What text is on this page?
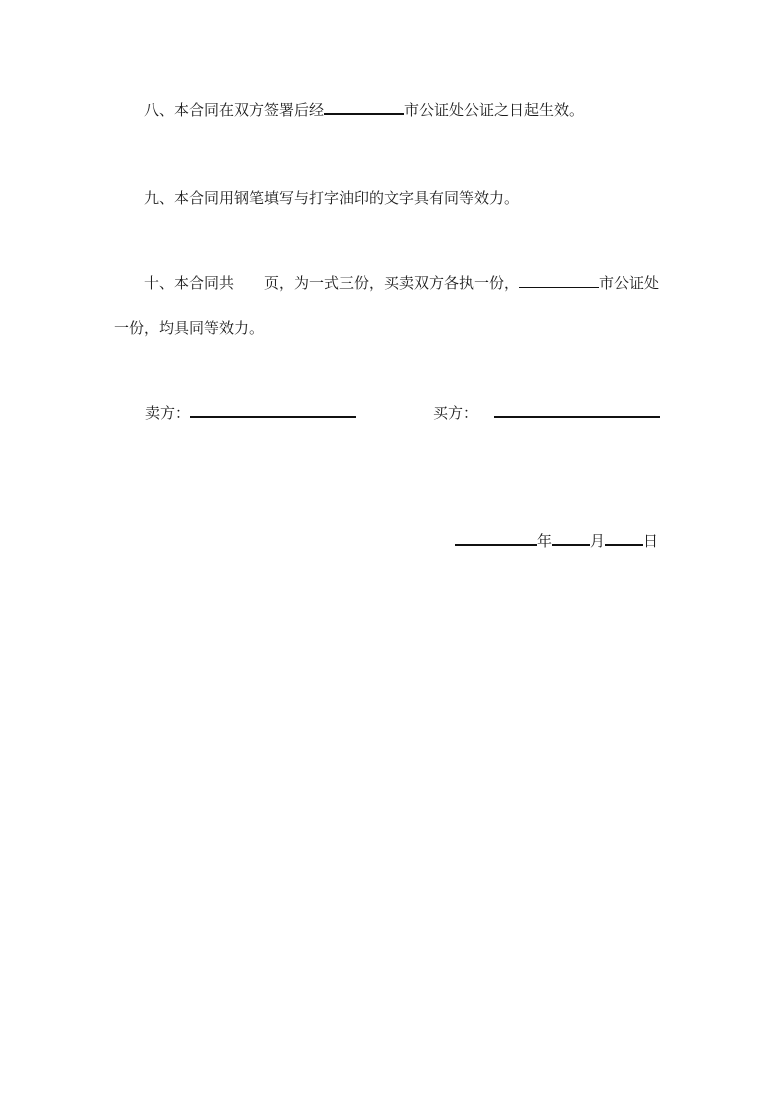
八、本合同在双方签署后经	市公证处公证之日起生效。
九、本合同用钢笔填写与打字油印的文字具有同等效力。
十、本合同共 页，为一式三份，买卖双方各执一份，	市公证处
一份，均具同等效力。
卖方：	买方：
年	月	日
